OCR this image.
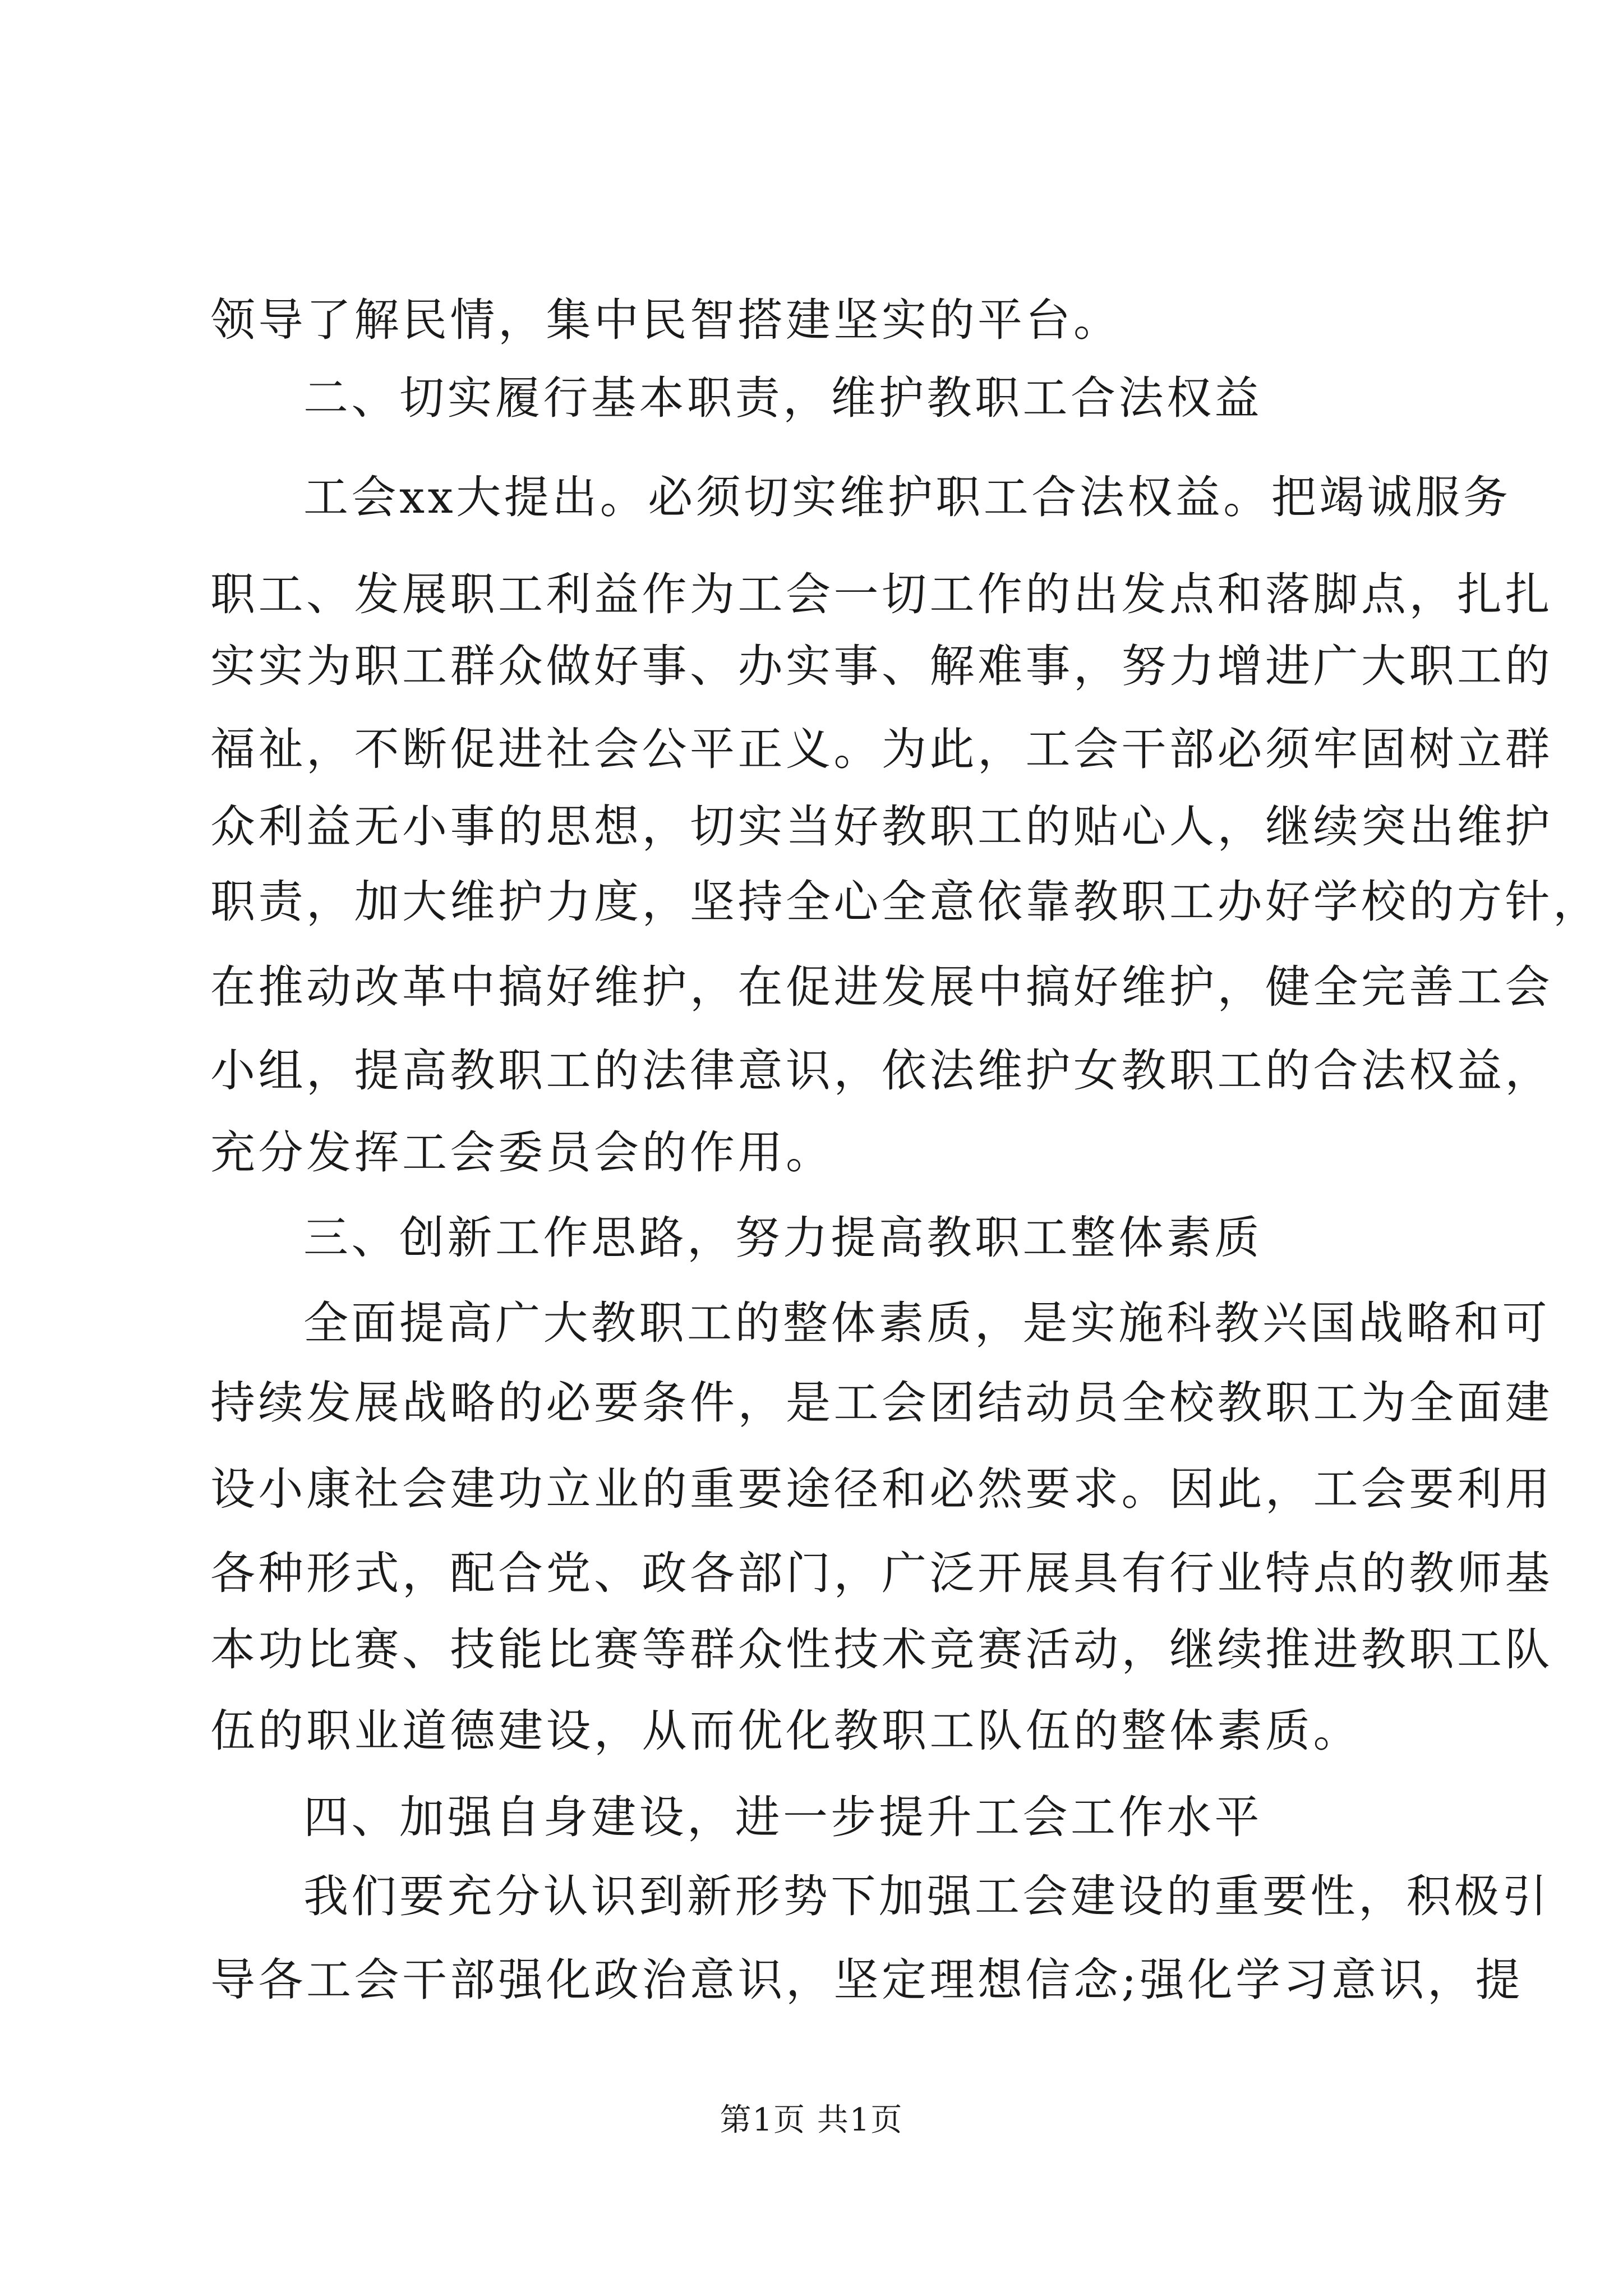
领导了解民情，集中民智搭建坚实的平台。
二、切实履行基本职责，维护教职工合法权益
工会xx大提出。必须切实维护职工合法权益。把竭诚服务
职工、发展职工利益作为工会一切工作的出发点和落脚点，扎扎
实实为职工群众做好事、办实事、解难事，努力增进广大职工的
福祉，不断促进社会公平正义。为此，工会干部必须牢固树立群
众利益无小事的思想，切实当好教职工的贴心人，继续突出维护
职责，加大维护力度，坚持全心全意依靠教职工办好学校的方针，
在推动改革中搞好维护，在促进发展中搞好维护，健全完善工会
小组，提高教职工的法律意识，依法维护女教职工的合法权益，
充分发挥工会委员会的作用。
三、创新工作思路，努力提高教职工整体素质
全面提高广大教职工的整体素质，是实施科教兴国战略和可
持续发展战略的必要条件，是工会团结动员全校教职工为全面建
设小康社会建功立业的重要途径和必然要求。因此，工会要利用
各种形式，配合党、政各部门，广泛开展具有行业特点的教师基
本功比赛、技能比赛等群众性技术竞赛活动，继续推进教职工队
伍的职业道德建设，从而优化教职工队伍的整体素质。
四、加强自身建设，进一步提升工会工作水平
我们要充分认识到新形势下加强工会建设的重要性，积极引
导各工会干部强化政治意识，坚定理想信念;强化学习意识，提
第1页 共1页
